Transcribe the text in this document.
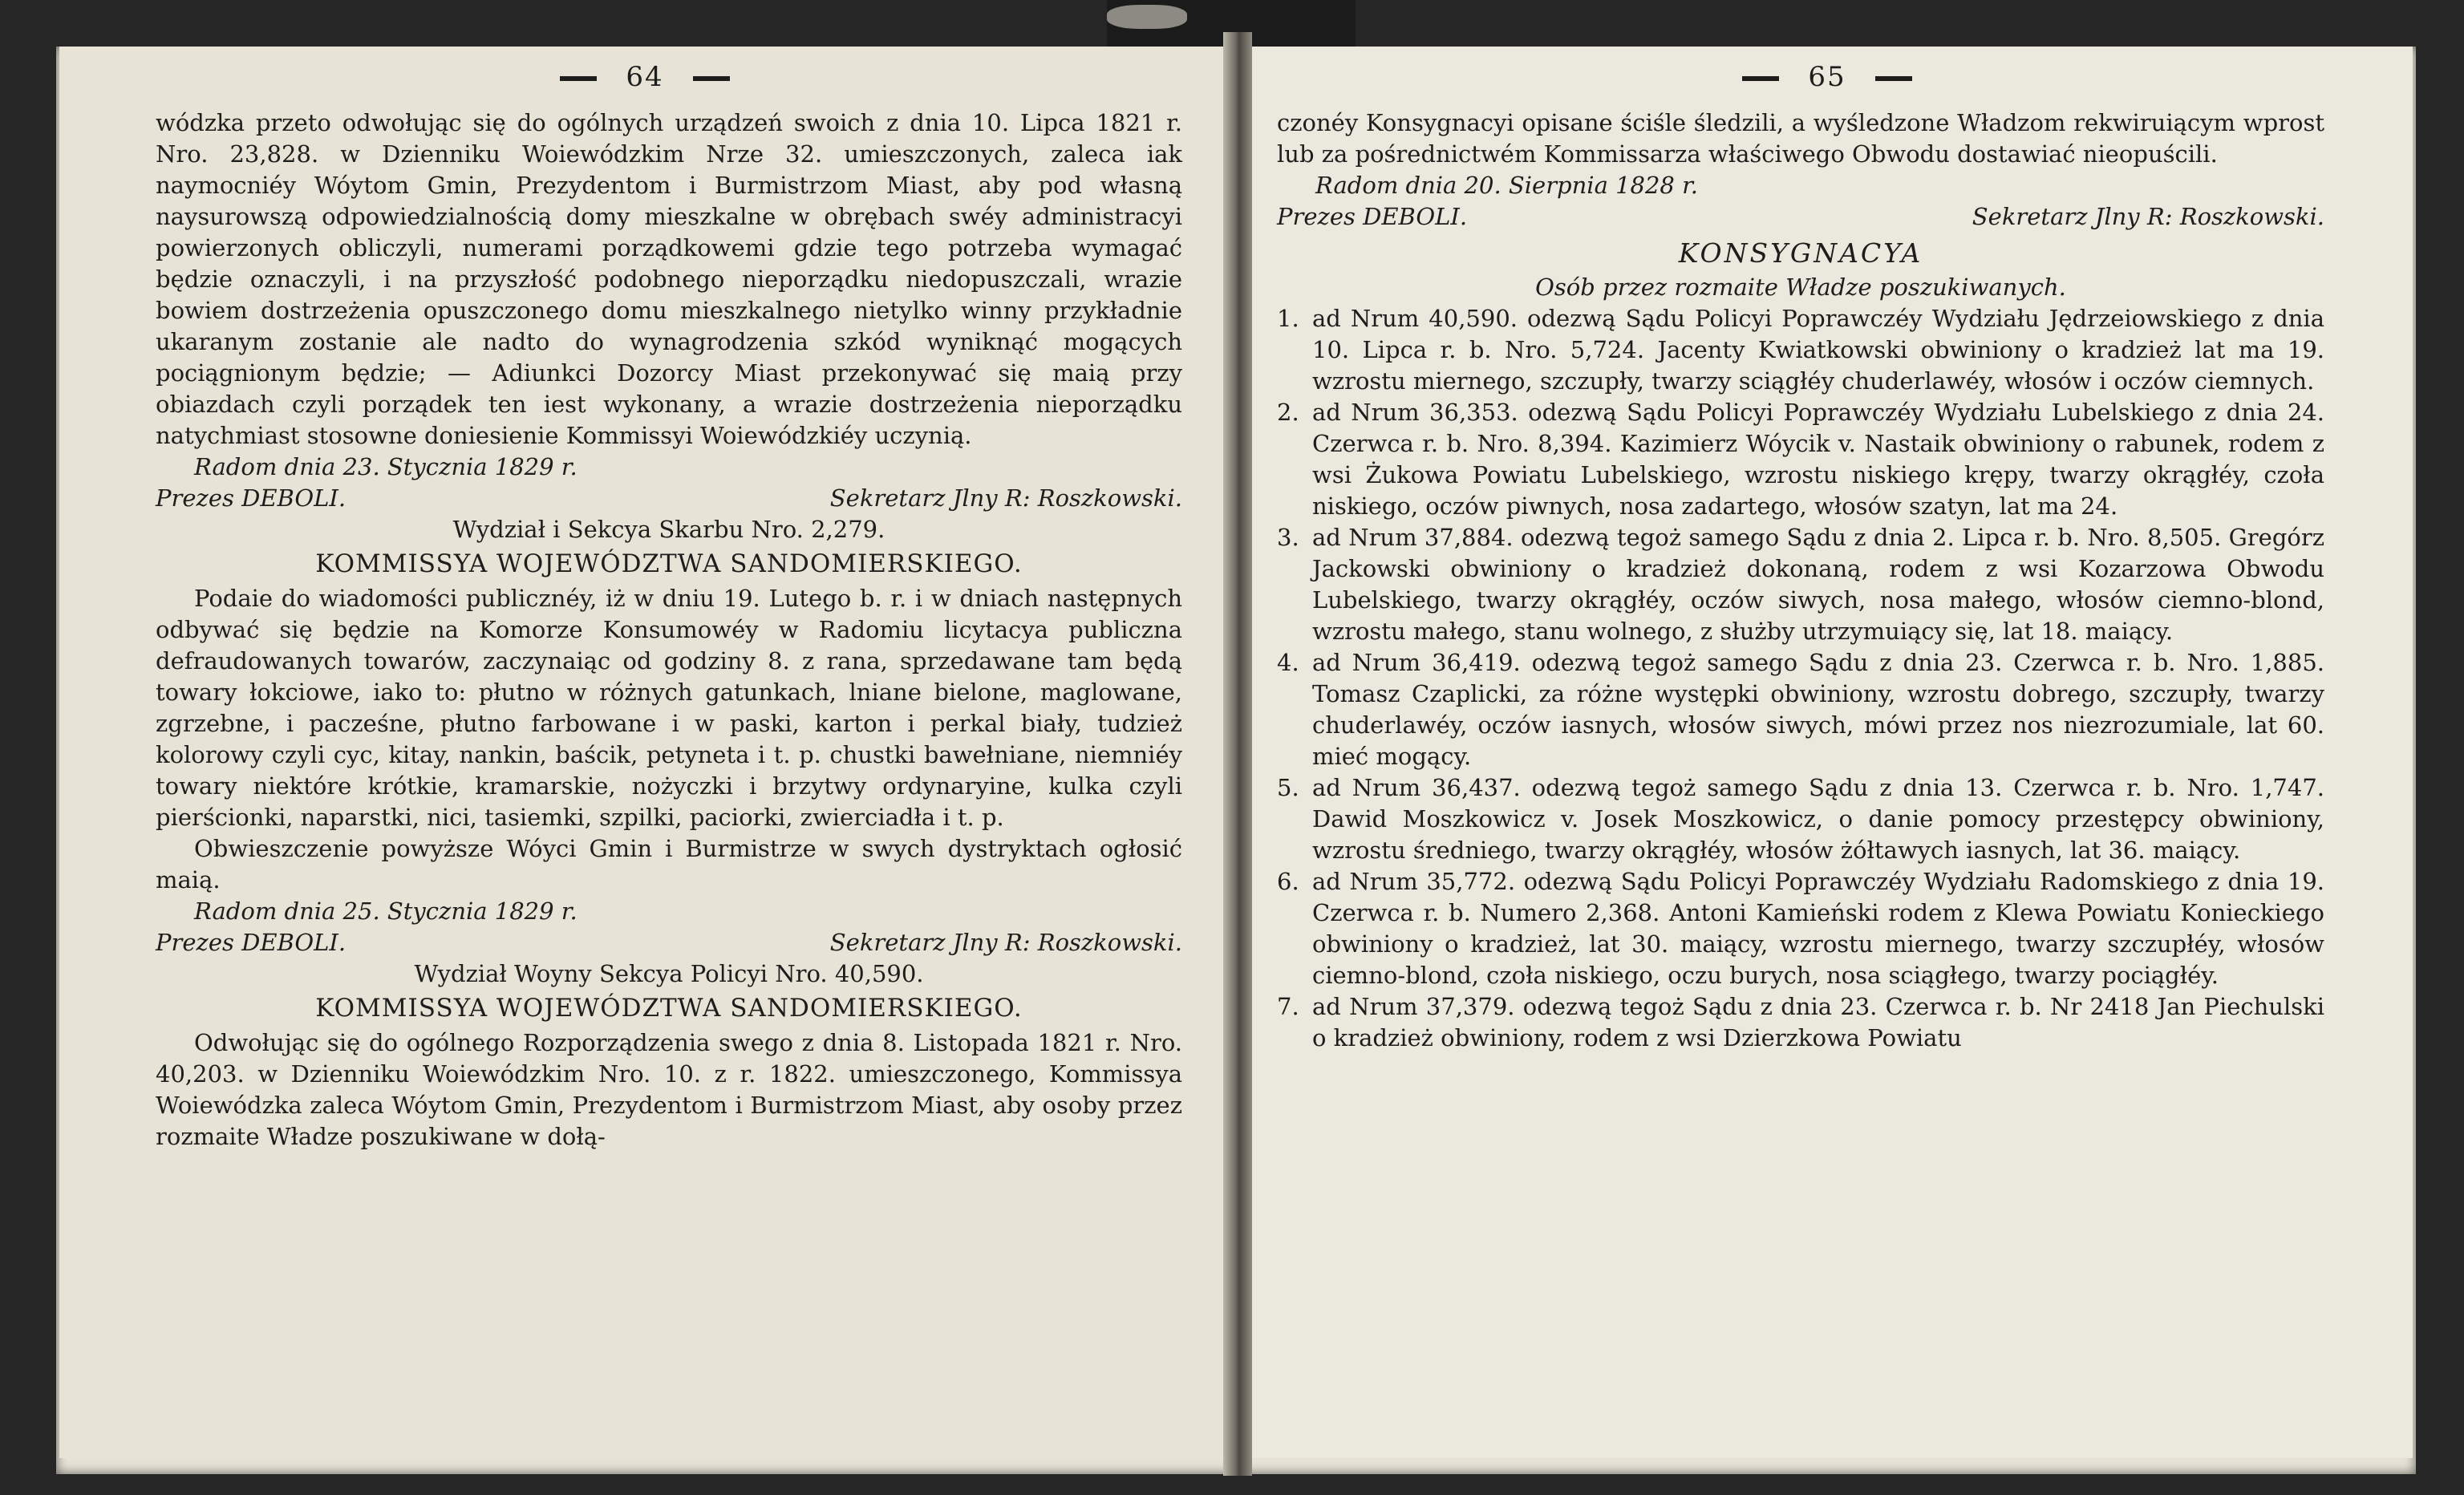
64

wódzka przeto odwołując się do ogólnych urządzeń swoich z dnia 10. Lipca 1821 r. Nro. 23,828. w Dzienniku Woiewódzkim Nrze 32. umieszczonych, zaleca iak naymocniéy Wóytom Gmin, Prezydentom i Burmistrzom Miast, aby pod własną naysurowszą odpowiedzialnością domy mieszkalne w obrębach swéy administracyi powierzonych obliczyli, numerami porządkowemi gdzie tego potrzeba wymagać będzie oznaczyli, i na przyszłość podobnego nieporządku niedopuszczali, wrazie bowiem dostrzeżenia opuszczonego domu mieszkalnego nietylko winny przykładnie ukaranym zostanie ale nadto do wynagrodzenia szkód wyniknąć mogących pociągnionym będzie; — Adiunkci Dozorcy Miast przekonywać się maią przy obiazdach czyli porządek ten iest wykonany, a wrazie dostrzeżenia nieporządku natychmiast stosowne doniesienie Kommissyi Woiewódzkiéy uczynią.

Radom dnia 23. Stycznia 1829 r.

Prezes DEBOLI.	Sekretarz Jlny R: Roszkowski.

Wydział i Sekcya Skarbu Nro. 2,279.

KOMMISSYA WOJEWÓDZTWA SANDOMIERSKIEGO.

Podaie do wiadomości publicznéy, iż w dniu 19. Lutego b. r. i w dniach następnych odbywać się będzie na Komorze Konsumowéy w Radomiu licytacya publiczna defraudowanych towarów, zaczynaiąc od godziny 8. z rana, sprzedawane tam będą towary łokciowe, iako to: płutno w różnych gatunkach, lniane bielone, maglowane, zgrzebne, i pacześne, płutno farbowane i w paski, karton i perkal biały, tudzież kolorowy czyli cyc, kitay, nankin, baścik, petyneta i t. p. chustki bawełniane, niemniéy towary niektóre krótkie, kramarskie, nożyczki i brzytwy ordynaryine, kulka czyli pierścionki, naparstki, nici, tasiemki, szpilki, paciorki, zwierciadła i t. p.

Obwieszczenie powyższe Wóyci Gmin i Burmistrze w swych dystryktach ogłosić maią.

Radom dnia 25. Stycznia 1829 r.

Prezes DEBOLI.	Sekretarz Jlny R: Roszkowski.

Wydział Woyny Sekcya Policyi Nro. 40,590.

KOMMISSYA WOJEWÓDZTWA SANDOMIERSKIEGO.

Odwołując się do ogólnego Rozporządzenia swego z dnia 8. Listopada 1821 r. Nro. 40,203. w Dzienniku Woiewódzkim Nro. 10. z r. 1822. umieszczonego, Kommissya Woiewódzka zaleca Wóytom Gmin, Prezydentom i Burmistrzom Miast, aby osoby przez rozmaite Władze poszukiwane w dołą-

65

czonéy Konsygnacyi opisane ściśle śledzili, a wyśledzone Władzom rekwiruiącym wprost lub za pośrednictwém Kommissarza właściwego Obwodu dostawiać nieopuścili.

Radom dnia 20. Sierpnia 1828 r.

Prezes DEBOLI.	Sekretarz Jlny R: Roszkowski.

KONSYGNACYA

Osób przez rozmaite Władze poszukiwanych.

1. ad Nrum 40,590. odezwą Sądu Policyi Poprawczéy Wydziału Jędrzeiowskiego z dnia 10. Lipca r. b. Nro. 5,724. Jacenty Kwiatkowski obwiniony o kradzież lat ma 19. wzrostu miernego, szczupły, twarzy sciągłéy chuderlawéy, włosów i oczów ciemnych.

2. ad Nrum 36,353. odezwą Sądu Policyi Poprawczéy Wydziału Lubelskiego z dnia 24. Czerwca r. b. Nro. 8,394. Kazimierz Wóycik v. Nastaik obwiniony o rabunek, rodem z wsi Żukowa Powiatu Lubelskiego, wzrostu niskiego krępy, twarzy okrągłéy, czoła niskiego, oczów piwnych, nosa zadartego, włosów szatyn, lat ma 24.

3. ad Nrum 37,884. odezwą tegoż samego Sądu z dnia 2. Lipca r. b. Nro. 8,505. Gregórz Jackowski obwiniony o kradzież dokonaną, rodem z wsi Kozarzowa Obwodu Lubelskiego, twarzy okrągłéy, oczów siwych, nosa małego, włosów ciemno-blond, wzrostu małego, stanu wolnego, z służby utrzymuiący się, lat 18. maiący.

4. ad Nrum 36,419. odezwą tegoż samego Sądu z dnia 23. Czerwca r. b. Nro. 1,885. Tomasz Czaplicki, za różne występki obwiniony, wzrostu dobrego, szczupły, twarzy chuderlawéy, oczów iasnych, włosów siwych, mówi przez nos niezrozumiale, lat 60. mieć mogący.

5. ad Nrum 36,437. odezwą tegoż samego Sądu z dnia 13. Czerwca r. b. Nro. 1,747. Dawid Moszkowicz v. Josek Moszkowicz, o danie pomocy przestępcy obwiniony, wzrostu średniego, twarzy okrągłéy, włosów żółtawych iasnych, lat 36. maiący.

6. ad Nrum 35,772. odezwą Sądu Policyi Poprawczéy Wydziału Radomskiego z dnia 19. Czerwca r. b. Numero 2,368. Antoni Kamieński rodem z Klewa Powiatu Konieckiego obwiniony o kradzież, lat 30. maiący, wzrostu miernego, twarzy szczupłéy, włosów ciemno-blond, czoła niskiego, oczu burych, nosa sciągłego, twarzy pociągłéy.

7. ad Nrum 37,379. odezwą tegoż Sądu z dnia 23. Czerwca r. b. Nr 2418 Jan Piechulski o kradzież obwiniony, rodem z wsi Dzierzkowa Powiatu
